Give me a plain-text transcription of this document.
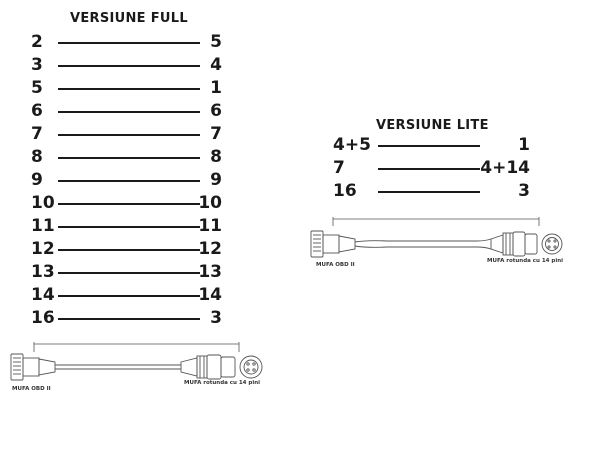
VERSIUNE FULL
2	5
3	4
5	1
6	6
7	7
8	8
9	9
10	10
11	11
12	12
13	13
14	14
16	3
MUFA OBD II
MUFA rotunda cu 14 pini
VERSIUNE LITE
4+5	1
7	4+14
16	3
MUFA OBD II
MUFA rotunda cu 14 pini
